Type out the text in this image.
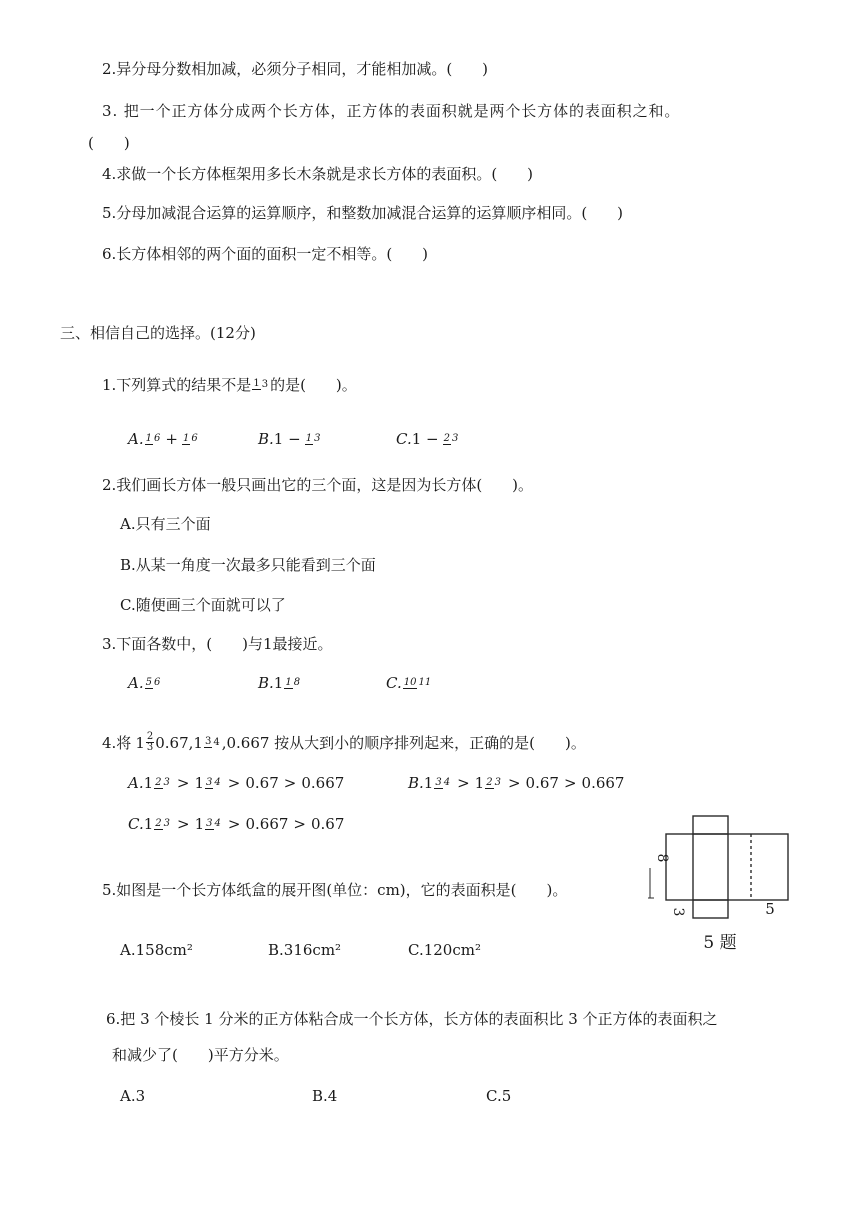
2.异分母分数相加减，必须分子相同，才能相加减。(　　)
3. 把一个正方体分成两个长方体，正方体的表面积就是两个长方体的表面积之和。
(　　)
4.求做一个长方体框架用多长木条就是求长方体的表面积。(　　)
5.分母加减混合运算的运算顺序，和整数加减混合运算的运算顺序相同。(　　)
6.长方体相邻的两个面的面积一定不相等。(　　)
三、相信自己的选择。(12分)
1.下列算式的结果不是 1 3 的是(　　)。
A. 1 6 + 1 6	B. 1 − 1 3	C. 1 − 2 3
2.我们画长方体一般只画出它的三个面，这是因为长方体(　　)。
A.只有三个面
B.从某一角度一次最多只能看到三个面
C.随便画三个面就可以了
3.下面各数中，(　　)与1最接近。
A. 5 6	B. 1 1 8	C. 10 11
4.将 $1 \frac{2}{3} 0.67,1$ 3 4 ,0.667 按从大到小的顺序排列起来，正确的是(　　)。
A. 1 2 3 > 1 3 4 > 0.67 > 0.667	B. 1 3 4 > 1 2 3 > 0.67 > 0.667
C. 1 2 3 > 1 3 4 > 0.667 > 0.67
5.如图是一个长方体纸盒的展开图(单位：cm)，它的表面积是(　　)。
A.158cm²	B.316cm²	C.120cm²
8
3	5
5 题
6.把 3 个棱长 1 分米的正方体粘合成一个长方体，长方体的表面积比 3 个正方体的表面积之
和减少了(　　)平方分米。
A.3	B.4	C.5
